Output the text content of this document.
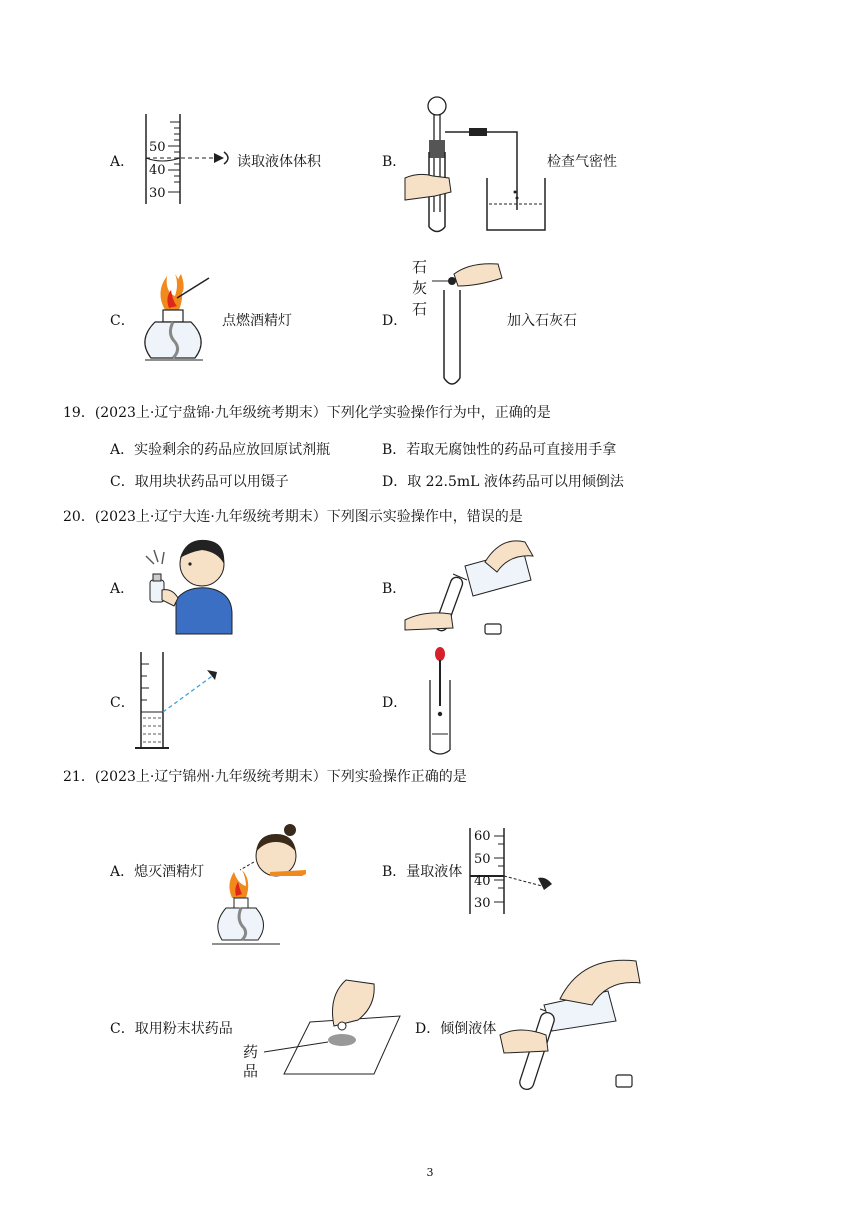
A．
50
40
30
读取液体体积	B．	检查气密性
C．	点燃酒精灯	D．
石
灰
石
加入石灰石
19．(2023上·辽宁盘锦·九年级统考期末）下列化学实验操作行为中，正确的是
A．实验剩余的药品应放回原试剂瓶	B．若取无腐蚀性的药品可直接用手拿
C．取用块状药品可以用镊子	D．取 22.5mL 液体药品可以用倾倒法
20．(2023上·辽宁大连·九年级统考期末）下列图示实验操作中，错误的是
A．	B．
C．	D．
21．(2023上·辽宁锦州·九年级统考期末）下列实验操作正确的是
A．熄灭酒精灯	B．量取液体
60
50
40
30
C．取用粉末状药品
药
品
D．倾倒液体
3
